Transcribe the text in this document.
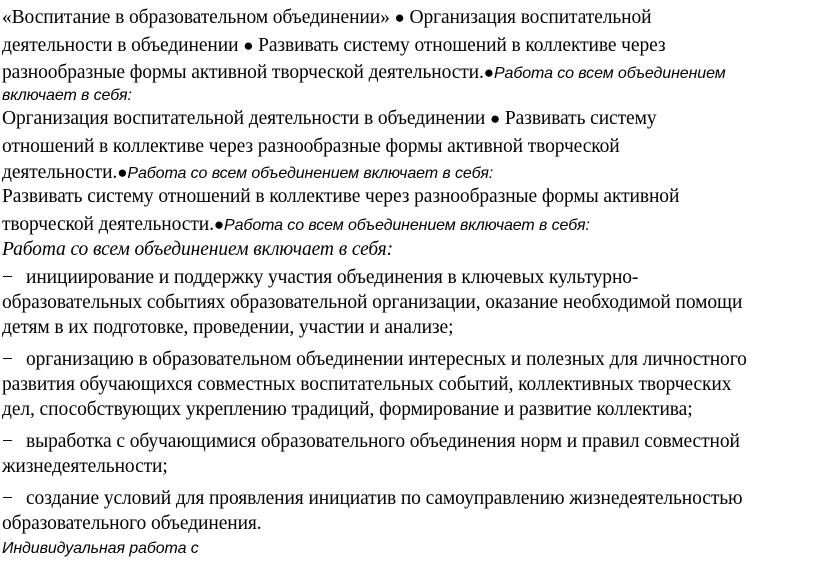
«Воспитание в образовательном объединении» ● Организация воспитательной
деятельности в объединении ● Развивать систему отношений в коллективе через
разнообразные формы активной творческой деятельности.●Работа со всем объединением
включает в себя:
Организация воспитательной деятельности в объединении ● Развивать систему
отношений в коллективе через разнообразные формы активной творческой
деятельности.●Работа со всем объединением включает в себя:
Развивать систему отношений в коллективе через разнообразные формы активной
творческой деятельности.●Работа со всем объединением включает в себя:
Работа со всем объединением включает в себя:
− инициирование и поддержку участия объединения в ключевых культурно-
образовательных событиях образовательной организации, оказание необходимой помощи
детям в их подготовке, проведении, участии и анализе;
− организацию в образовательном объединении интересных и полезных для личностного
развития обучающихся совместных воспитательных событий, коллективных творческих
дел, способствующих укреплению традиций, формирование и развитие коллектива;
− выработка с обучающимися образовательного объединения норм и правил совместной
жизнедеятельности;
− создание условий для проявления инициатив по самоуправлению жизнедеятельностью
образовательного объединения.
Индивидуальная работа с
